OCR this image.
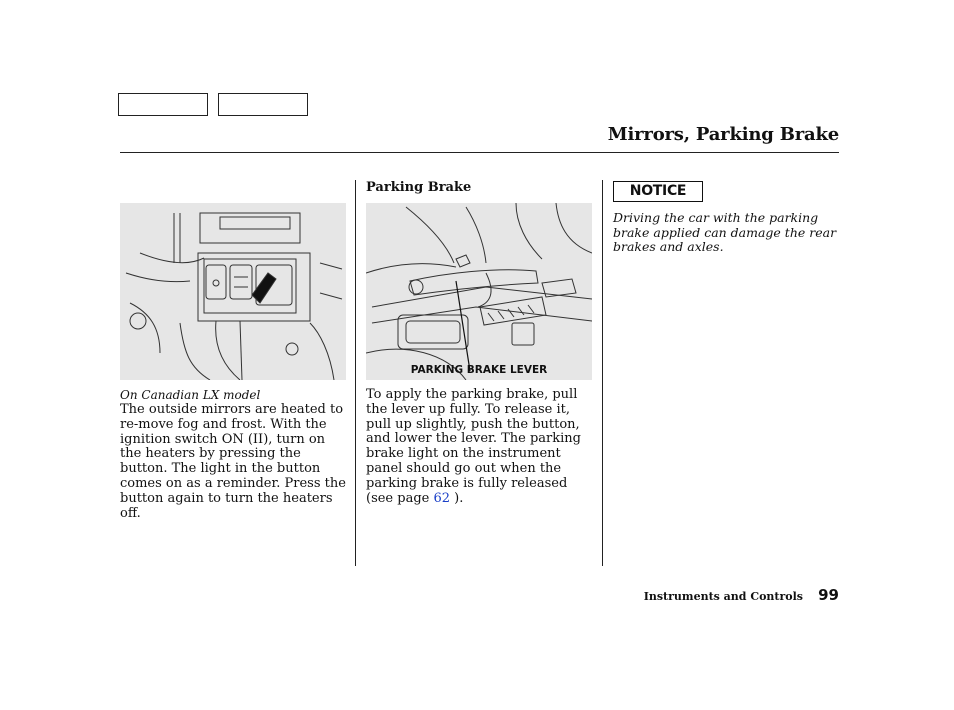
Mirrors, Parking Brake
On Canadian LX model
The outside mirrors are heated to re-move fog and frost. With the ignition switch ON (II), turn on the heaters by pressing the button. The light in the button comes on as a reminder. Press the button again to turn the heaters off.
Parking Brake
PARKING BRAKE LEVER
To apply the parking brake, pull the lever up fully. To release it, pull up slightly, push the button, and lower the lever. The parking brake light on the instrument panel should go out when the parking brake is fully released (see page 62 ).
NOTICE
Driving the car with the parking brake applied can damage the rear brakes and axles.
Instruments and Controls 99
